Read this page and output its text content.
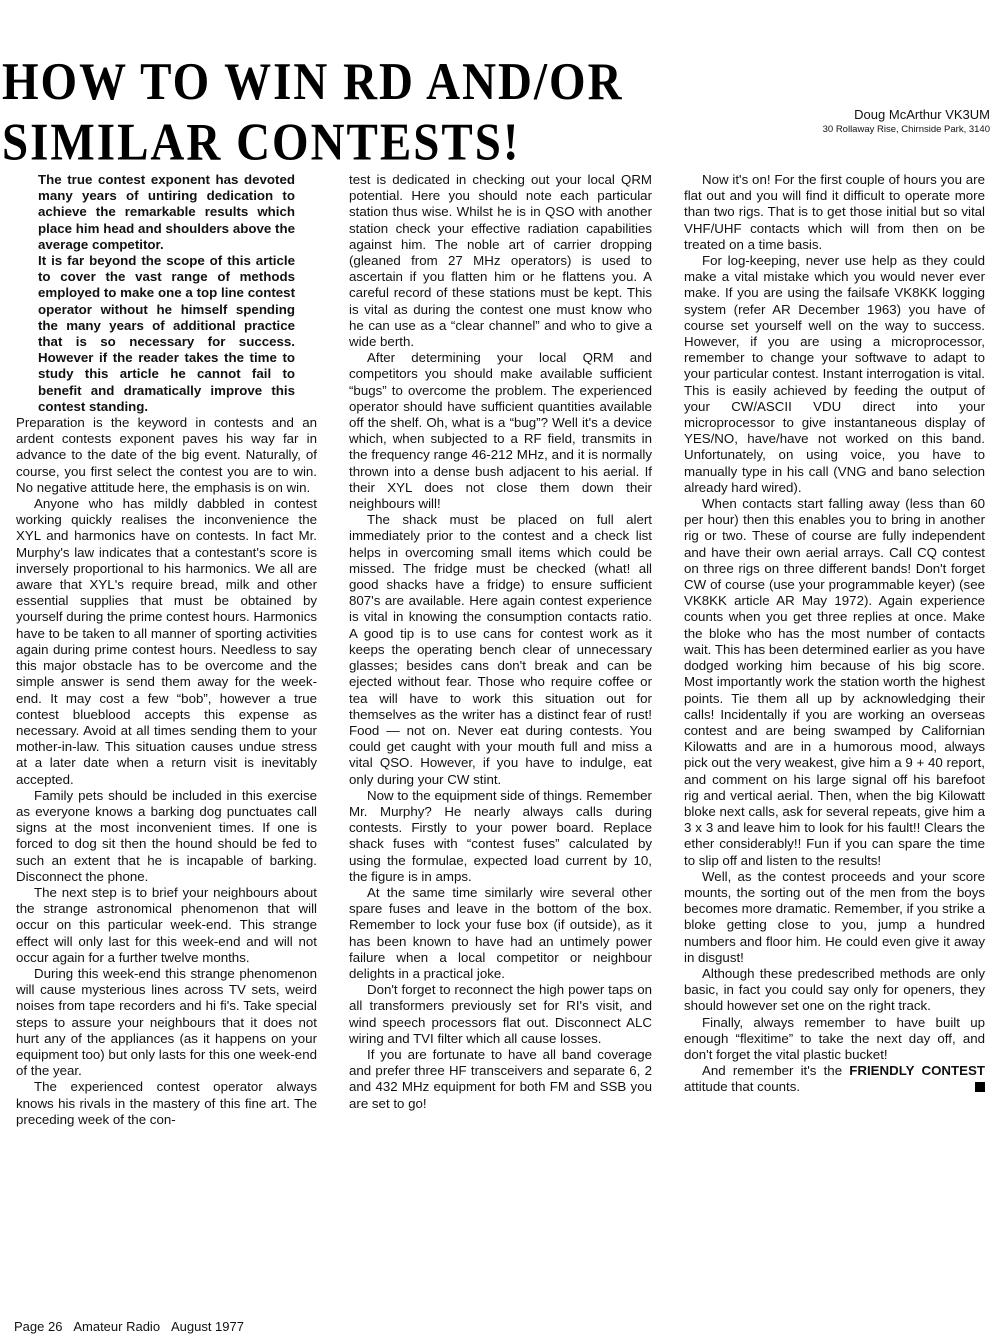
HOW TO WIN RD AND/OR
SIMILAR CONTESTS!	Doug McArthur VK3UM
30 Rollaway Rise, Chirnside Park, 3140

The true contest exponent has devoted many years of untiring dedication to achieve the remarkable results which place him head and shoulders above the average competitor.

It is far beyond the scope of this article to cover the vast range of methods employed to make one a top line contest operator without he himself spending the many years of additional practice that is so necessary for success. However if the reader takes the time to study this article he cannot fail to benefit and dramatically improve this contest standing.

Preparation is the keyword in contests and an ardent contests exponent paves his way far in advance to the date of the big event. Naturally, of course, you first select the contest you are to win. No negative attitude here, the emphasis is on win.

Anyone who has mildly dabbled in contest working quickly realises the inconvenience the XYL and harmonics have on contests. In fact Mr. Murphy's law indicates that a contestant's score is inversely proportional to his harmonics. We all are aware that XYL's require bread, milk and other essential supplies that must be obtained by yourself during the prime contest hours. Harmonics have to be taken to all manner of sporting activities again during prime contest hours. Needless to say this major obstacle has to be overcome and the simple answer is send them away for the week-end. It may cost a few “bob”, however a true contest blueblood accepts this expense as necessary. Avoid at all times sending them to your mother-in-law. This situation causes undue stress at a later date when a return visit is inevitably accepted.

Family pets should be included in this exercise as everyone knows a barking dog punctuates call signs at the most inconvenient times. If one is forced to dog sit then the hound should be fed to such an extent that he is incapable of barking. Disconnect the phone.

The next step is to brief your neighbours about the strange astronomical phenomenon that will occur on this particular week-end. This strange effect will only last for this week-end and will not occur again for a further twelve months.

During this week-end this strange phenomenon will cause mysterious lines across TV sets, weird noises from tape recorders and hi fi's. Take special steps to assure your neighbours that it does not hurt any of the appliances (as it happens on your equipment too) but only lasts for this one week-end of the year.

The experienced contest operator always knows his rivals in the mastery of this fine art. The preceding week of the con-

test is dedicated in checking out your local QRM potential. Here you should note each particular station thus wise. Whilst he is in QSO with another station check your effective radiation capabilities against him. The noble art of carrier dropping (gleaned from 27 MHz operators) is used to ascertain if you flatten him or he flattens you. A careful record of these stations must be kept. This is vital as during the contest one must know who he can use as a “clear channel” and who to give a wide berth.

After determining your local QRM and competitors you should make available sufficient “bugs” to overcome the problem. The experienced operator should have sufficient quantities available off the shelf. Oh, what is a “bug”? Well it's a device which, when subjected to a RF field, transmits in the frequency range 46-212 MHz, and it is normally thrown into a dense bush adjacent to his aerial. If their XYL does not close them down their neighbours will!

The shack must be placed on full alert immediately prior to the contest and a check list helps in overcoming small items which could be missed. The fridge must be checked (what! all good shacks have a fridge) to ensure sufficient 807's are available. Here again contest experience is vital in knowing the consumption contacts ratio. A good tip is to use cans for contest work as it keeps the operating bench clear of unnecessary glasses; besides cans don't break and can be ejected without fear. Those who require coffee or tea will have to work this situation out for themselves as the writer has a distinct fear of rust! Food — not on. Never eat during contests. You could get caught with your mouth full and miss a vital QSO. However, if you have to indulge, eat only during your CW stint.

Now to the equipment side of things. Remember Mr. Murphy? He nearly always calls during contests. Firstly to your power board. Replace shack fuses with “contest fuses” calculated by using the formulae, expected load current by 10, the figure is in amps.

At the same time similarly wire several other spare fuses and leave in the bottom of the box. Remember to lock your fuse box (if outside), as it has been known to have had an untimely power failure when a local competitor or neighbour delights in a practical joke.

Don't forget to reconnect the high power taps on all transformers previously set for RI's visit, and wind speech processors flat out. Disconnect ALC wiring and TVI filter which all cause losses.

If you are fortunate to have all band coverage and prefer three HF transceivers and separate 6, 2 and 432 MHz equipment for both FM and SSB you are set to go!

Now it's on! For the first couple of hours you are flat out and you will find it difficult to operate more than two rigs. That is to get those initial but so vital VHF/UHF contacts which will from then on be treated on a time basis.

For log-keeping, never use help as they could make a vital mistake which you would never ever make. If you are using the failsafe VK8KK logging system (refer AR December 1963) you have of course set yourself well on the way to success. However, if you are using a microprocessor, remember to change your softwave to adapt to your particular contest. Instant interrogation is vital. This is easily achieved by feeding the output of your CW/ASCII VDU direct into your microprocessor to give instantaneous display of YES/NO, have/have not worked on this band. Unfortunately, on using voice, you have to manually type in his call (VNG and bano selection already hard wired).

When contacts start falling away (less than 60 per hour) then this enables you to bring in another rig or two. These of course are fully independent and have their own aerial arrays. Call CQ contest on three rigs on three different bands! Don't forget CW of course (use your programmable keyer) (see VK8KK article AR May 1972). Again experience counts when you get three replies at once. Make the bloke who has the most number of contacts wait. This has been determined earlier as you have dodged working him because of his big score. Most importantly work the station worth the highest points. Tie them all up by acknowledging their calls! Incidentally if you are working an overseas contest and are being swamped by Californian Kilowatts and are in a humorous mood, always pick out the very weakest, give him a 9 + 40 report, and comment on his large signal off his barefoot rig and vertical aerial. Then, when the big Kilowatt bloke next calls, ask for several repeats, give him a 3 x 3 and leave him to look for his fault!! Clears the ether considerably!! Fun if you can spare the time to slip off and listen to the results!

Well, as the contest proceeds and your score mounts, the sorting out of the men from the boys becomes more dramatic. Remember, if you strike a bloke getting close to you, jump a hundred numbers and floor him. He could even give it away in disgust!

Although these predescribed methods are only basic, in fact you could say only for openers, they should however set one on the right track.

Finally, always remember to have built up enough “flexitime” to take the next day off, and don't forget the vital plastic bucket!

And remember it's the FRIENDLY CONTEST attitude that counts.

Page 26 Amateur Radio August 1977
